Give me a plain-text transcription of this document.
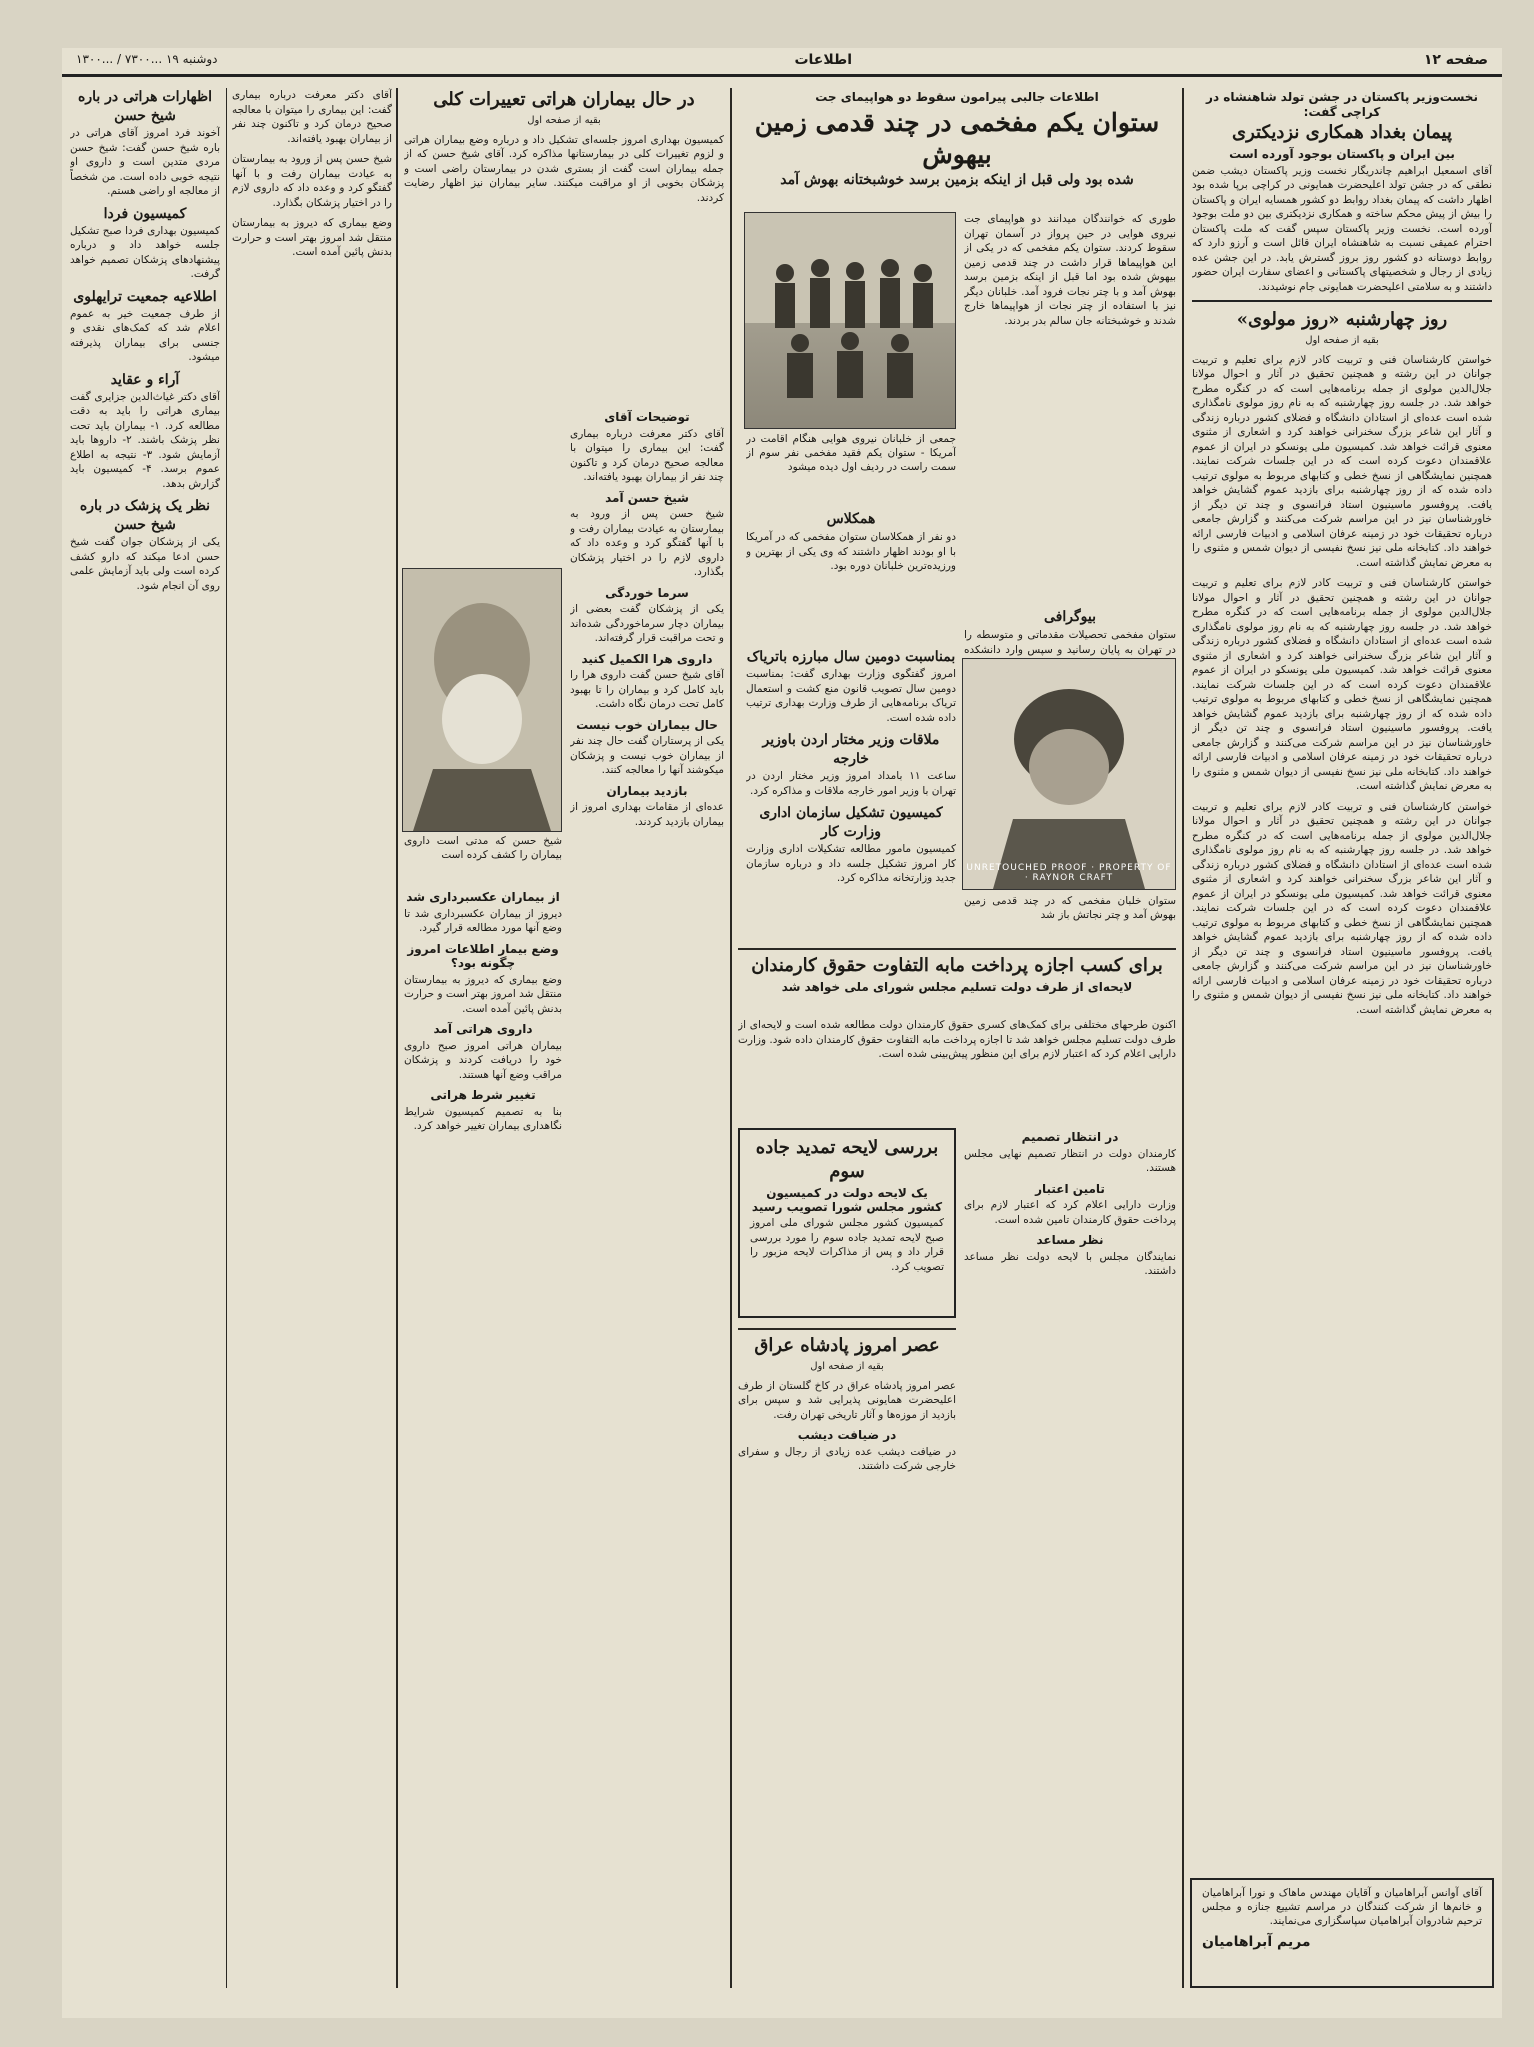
صفحه ۱۲
اطلاعات
دوشنبه ۱۹ ...۷۳۰۰ / ...۱۳۰۰
نخست‌وزیر پاکستان در جشن تولد شاهنشاه در کراچی گفت:
پیمان بغداد همکاری نزدیکتری
بین ایران و پاکستان بوجود آورده است

آقای اسمعیل ابراهیم چاندریگار نخست وزیر پاکستان دیشب ضمن نطقی که در جشن تولد اعلیحضرت همایونی در کراچی برپا شده بود اظهار داشت که پیمان بغداد روابط دو کشور همسایه ایران و پاکستان را بیش از پیش محکم ساخته و همکاری نزدیکتری بین دو ملت بوجود آورده است. نخست وزیر پاکستان سپس گفت که ملت پاکستان احترام عمیقی نسبت به شاهنشاه ایران قائل است و آرزو دارد که روابط دوستانه دو کشور روز بروز گسترش یابد. در این جشن عده زیادی از رجال و شخصیتهای پاکستانی و اعضای سفارت ایران حضور داشتند و به سلامتی اعلیحضرت همایونی جام نوشیدند.

روز چهارشنبه «روز مولوی»
بقیه از صفحه اول

خواستن کارشناسان فنی و تربیت کادر لازم برای تعلیم و تربیت جوانان در این رشته و همچنین تحقیق در آثار و احوال مولانا جلال‌الدین مولوی از جمله برنامه‌هایی است که در کنگره مطرح خواهد شد. در جلسه روز چهارشنبه که به نام روز مولوی نامگذاری شده است عده‌ای از استادان دانشگاه و فضلای کشور درباره زندگی و آثار این شاعر بزرگ سخنرانی خواهند کرد و اشعاری از مثنوی معنوی قرائت خواهد شد. کمیسیون ملی یونسکو در ایران از عموم علاقمندان دعوت کرده است که در این جلسات شرکت نمایند. همچنین نمایشگاهی از نسخ خطی و کتابهای مربوط به مولوی ترتیب داده شده که از روز چهارشنبه برای بازدید عموم گشایش خواهد یافت. پروفسور ماسینیون استاد فرانسوی و چند تن دیگر از خاورشناسان نیز در این مراسم شرکت می‌کنند و گزارش جامعی درباره تحقیقات خود در زمینه عرفان اسلامی و ادبیات فارسی ارائه خواهند داد. کتابخانه ملی نیز نسخ نفیسی از دیوان شمس و مثنوی را به معرض نمایش گذاشته است.

خواستن کارشناسان فنی و تربیت کادر لازم برای تعلیم و تربیت جوانان در این رشته و همچنین تحقیق در آثار و احوال مولانا جلال‌الدین مولوی از جمله برنامه‌هایی است که در کنگره مطرح خواهد شد. در جلسه روز چهارشنبه که به نام روز مولوی نامگذاری شده است عده‌ای از استادان دانشگاه و فضلای کشور درباره زندگی و آثار این شاعر بزرگ سخنرانی خواهند کرد و اشعاری از مثنوی معنوی قرائت خواهد شد. کمیسیون ملی یونسکو در ایران از عموم علاقمندان دعوت کرده است که در این جلسات شرکت نمایند. همچنین نمایشگاهی از نسخ خطی و کتابهای مربوط به مولوی ترتیب داده شده که از روز چهارشنبه برای بازدید عموم گشایش خواهد یافت. پروفسور ماسینیون استاد فرانسوی و چند تن دیگر از خاورشناسان نیز در این مراسم شرکت می‌کنند و گزارش جامعی درباره تحقیقات خود در زمینه عرفان اسلامی و ادبیات فارسی ارائه خواهند داد. کتابخانه ملی نیز نسخ نفیسی از دیوان شمس و مثنوی را به معرض نمایش گذاشته است.

خواستن کارشناسان فنی و تربیت کادر لازم برای تعلیم و تربیت جوانان در این رشته و همچنین تحقیق در آثار و احوال مولانا جلال‌الدین مولوی از جمله برنامه‌هایی است که در کنگره مطرح خواهد شد. در جلسه روز چهارشنبه که به نام روز مولوی نامگذاری شده است عده‌ای از استادان دانشگاه و فضلای کشور درباره زندگی و آثار این شاعر بزرگ سخنرانی خواهند کرد و اشعاری از مثنوی معنوی قرائت خواهد شد. کمیسیون ملی یونسکو در ایران از عموم علاقمندان دعوت کرده است که در این جلسات شرکت نمایند. همچنین نمایشگاهی از نسخ خطی و کتابهای مربوط به مولوی ترتیب داده شده که از روز چهارشنبه برای بازدید عموم گشایش خواهد یافت. پروفسور ماسینیون استاد فرانسوی و چند تن دیگر از خاورشناسان نیز در این مراسم شرکت می‌کنند و گزارش جامعی درباره تحقیقات خود در زمینه عرفان اسلامی و ادبیات فارسی ارائه خواهند داد. کتابخانه ملی نیز نسخ نفیسی از دیوان شمس و مثنوی را به معرض نمایش گذاشته است.

آقای آوانس آبراهامیان و آقایان مهندس ماهاک و نورا آبراهامیان و خانم‌ها از شرکت کنندگان در مراسم تشییع جنازه و مجلس ترحیم شادروان آبراهامیان سپاسگزاری می‌نمایند.
مریم آبراهامیان
اطلاعات جالبی پیرامون سقوط دو هواپیمای جت
ستوان یکم مفخمی در چند قدمی زمین بیهوش
شده بود ولی قبل از اینکه بزمین برسد خوشبختانه بهوش آمد
طوری که خوانندگان میدانند دو هواپیمای جت نیروی هوایی در حین پرواز در آسمان تهران سقوط کردند. ستوان یکم مفخمی که در یکی از این هواپیماها قرار داشت در چند قدمی زمین بیهوش شده بود اما قبل از اینکه بزمین برسد بهوش آمد و با چتر نجات فرود آمد. خلبانان دیگر نیز با استفاده از چتر نجات از هواپیماها خارج شدند و خوشبختانه جان سالم بدر بردند.
جمعی از خلبانان نیروی هوایی هنگام اقامت در آمریکا - ستوان یکم فقید مفخمی نفر سوم از سمت راست در ردیف اول دیده میشود
همکلاس
دو نفر از همکلاسان ستوان مفخمی که در آمریکا با او بودند اظهار داشتند که وی یکی از بهترین و ورزیده‌ترین خلبانان دوره بود.
بیوگرافی
ستوان مفخمی تحصیلات مقدماتی و متوسطه را در تهران به پایان رسانید و سپس وارد دانشکده
UNRETOUCHED PROOF · PROPERTY OF · RAYNOR CRAFT
ستوان خلبان مفخمی که در چند قدمی زمین بهوش آمد و چتر نجاتش باز شد
بمناسبت دومین سال مبارزه باتریاک

امروز گفتگوی وزارت بهداری گفت: بمناسبت دومین سال تصویب قانون منع کشت و استعمال تریاک برنامه‌هایی از طرف وزارت بهداری ترتیب داده شده است.

ملاقات وزیر مختار اردن باوزیر خارجه

ساعت ۱۱ بامداد امروز وزیر مختار اردن در تهران با وزیر امور خارجه ملاقات و مذاکره کرد.

کمیسیون تشکیل سازمان اداری وزارت کار

کمیسیون مامور مطالعه تشکیلات اداری وزارت کار امروز تشکیل جلسه داد و درباره سازمان جدید وزارتخانه مذاکره کرد.

برای کسب اجازه پرداخت مابه التفاوت حقوق کارمندان
لایحه‌ای از طرف دولت تسلیم مجلس شورای ملی خواهد شد
اکنون طرحهای مختلفی برای کمک‌های کسری حقوق کارمندان دولت مطالعه شده است و لایحه‌ای از طرف دولت تسلیم مجلس خواهد شد تا اجازه پرداخت مابه التفاوت حقوق کارمندان داده شود. وزارت دارایی اعلام کرد که اعتبار لازم برای این منظور پیش‌بینی شده است.
بررسی لایحه تمدید جاده سوم
یک لایحه دولت در کمیسیون کشور مجلس شورا تصویب رسید
کمیسیون کشور مجلس شورای ملی امروز صبح لایحه تمدید جاده سوم را مورد بررسی قرار داد و پس از مذاکرات لایحه مزبور را تصویب کرد.
در انتظار تصمیم

کارمندان دولت در انتظار تصمیم نهایی مجلس هستند.

تامین اعتبار

وزارت دارایی اعلام کرد که اعتبار لازم برای پرداخت حقوق کارمندان تامین شده است.

نظر مساعد

نمایندگان مجلس با لایحه دولت نظر مساعد داشتند.

عصر امروز پادشاه عراق
بقیه از صفحه اول

عصر امروز پادشاه عراق در کاخ گلستان از طرف اعلیحضرت همایونی پذیرایی شد و سپس برای بازدید از موزه‌ها و آثار تاریخی تهران رفت.

در ضیافت دیشب

در ضیافت دیشب عده زیادی از رجال و سفرای خارجی شرکت داشتند.

در حال بیماران هراتی تعییرات کلی
بقیه از صفحه اول

کمیسیون بهداری امروز جلسه‌ای تشکیل داد و درباره وضع بیماران هراتی و لزوم تغییرات کلی در بیمارستانها مذاکره کرد. آقای شیخ حسن که از جمله بیماران است گفت از بستری شدن در بیمارستان راضی است و پزشکان بخوبی از او مراقبت میکنند. سایر بیماران نیز اظهار رضایت کردند.

شیخ حسن که مدتی است داروی بیماران را کشف کرده است
توضیحات آقای

آقای دکتر معرفت درباره بیماری گفت: این بیماری را میتوان با معالجه صحیح درمان کرد و تاکنون چند نفر از بیماران بهبود یافته‌اند.

شیخ حسن آمد

شیخ حسن پس از ورود به بیمارستان به عیادت بیماران رفت و با آنها گفتگو کرد و وعده داد که داروی لازم را در اختیار پزشکان بگذارد.

سرما خوردگی

یکی از پزشکان گفت بعضی از بیماران دچار سرماخوردگی شده‌اند و تحت مراقبت قرار گرفته‌اند.

داروی هرا الکمیل کنید

آقای شیخ حسن گفت داروی هرا را باید کامل کرد و بیماران را تا بهبود کامل تحت درمان نگاه داشت.

حال بیماران خوب نیست

یکی از پرستاران گفت حال چند نفر از بیماران خوب نیست و پزشکان میکوشند آنها را معالجه کنند.

بازدید بیماران

عده‌ای از مقامات بهداری امروز از بیماران بازدید کردند.

از بیماران عکسبرداری شد

دیروز از بیماران عکسبرداری شد تا وضع آنها مورد مطالعه قرار گیرد.

وضع بیمار اطلاعات امروز چگونه بود؟

وضع بیماری که دیروز به بیمارستان منتقل شد امروز بهتر است و حرارت بدنش پائین آمده است.

داروی هراتی آمد

بیماران هراتی امروز صبح داروی خود را دریافت کردند و پزشکان مراقب وضع آنها هستند.

تغییر شرط هراتی

بنا به تصمیم کمیسیون شرایط نگاهداری بیماران تغییر خواهد کرد.

اظهارات هراتی در باره شیخ حسن

آخوند فرد امروز آقای هراتی در باره شیخ حسن گفت: شیخ حسن مردی متدین است و داروی او نتیجه خوبی داده است. من شخصاً از معالجه او راضی هستم.

کمیسیون فردا

کمیسیون بهداری فردا صبح تشکیل جلسه خواهد داد و درباره پیشنهادهای پزشکان تصمیم خواهد گرفت.

اطلاعیه جمعیت ترایهلوی

از طرف جمعیت خیر به عموم اعلام شد که کمک‌های نقدی و جنسی برای بیماران پذیرفته میشود.

آراء و عقاید

آقای دکتر غیاث‌الدین جزایری گفت بیماری هراتی را باید به دقت مطالعه کرد. ۱- بیماران باید تحت نظر پزشک باشند. ۲- داروها باید آزمایش شود. ۳- نتیجه به اطلاع عموم برسد. ۴- کمیسیون باید گزارش بدهد.

نظر یک پزشک در باره شیخ حسن

یکی از پزشکان جوان گفت شیخ حسن ادعا میکند که دارو کشف کرده است ولی باید آزمایش علمی روی آن انجام شود.

آقای دکتر معرفت درباره بیماری گفت: این بیماری را میتوان با معالجه صحیح درمان کرد و تاکنون چند نفر از بیماران بهبود یافته‌اند.

شیخ حسن پس از ورود به بیمارستان به عیادت بیماران رفت و با آنها گفتگو کرد و وعده داد که داروی لازم را در اختیار پزشکان بگذارد.

وضع بیماری که دیروز به بیمارستان منتقل شد امروز بهتر است و حرارت بدنش پائین آمده است.
